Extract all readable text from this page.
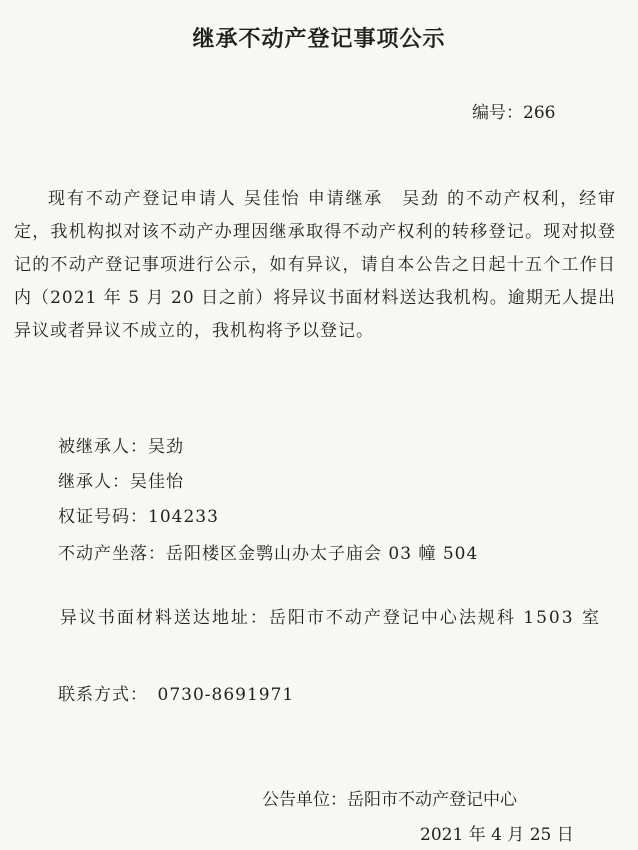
继承不动产登记事项公示
编号：266
现有不动产登记申请人 吴佳怡 申请继承　吴劲 的不动产权利，经审定，我机构拟对该不动产办理因继承取得不动产权利的转移登记。现对拟登记的不动产登记事项进行公示，如有异议，请自本公告之日起十五个工作日内（2021 年 5 月 20 日之前）将异议书面材料送达我机构。逾期无人提出异议或者异议不成立的，我机构将予以登记。
被继承人：吴劲
继承人：吴佳怡
权证号码：104233
不动产坐落：岳阳楼区金鹗山办太子庙会 03 幢 504
异议书面材料送达地址：岳阳市不动产登记中心法规科 1503 室
联系方式：　0730-8691971
公告单位：岳阳市不动产登记中心
2021 年 4 月 25 日
